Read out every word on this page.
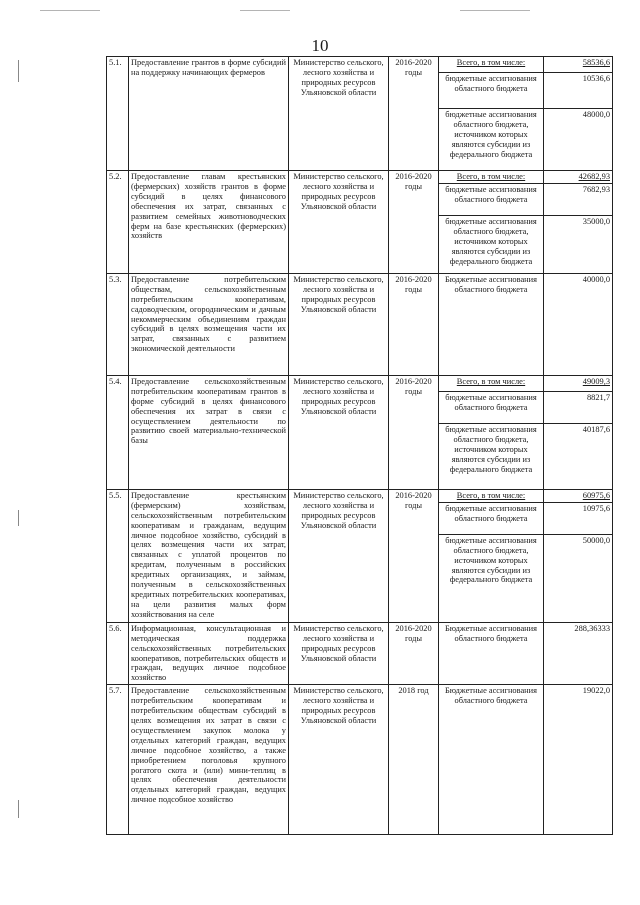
10
5.1.	Предоставление грантов в форме субсидий на поддержку начинающих фермеров	Министерство сельского, лесного хозяйства и природных ресурсов Ульяновской области	2016-2020 годы	Всего, в том числе:	58536,6
				бюджетные ассигнования областного бюджета	10536,6
				бюджетные ассигнования областного бюджета, источником которых являются субсидии из федерального бюджета	48000,0
5.2.	Предоставление главам крестьянских (фермерских) хозяйств грантов в форме субсидий в целях финансового обеспечения их затрат, связанных с развитием семейных животноводческих ферм на базе крестьянских (фермерских) хозяйств	Министерство сельского, лесного хозяйства и природных ресурсов Ульяновской области	2016-2020 годы	Всего, в том числе:	42682,93
				бюджетные ассигнования областного бюджета	7682,93
				бюджетные ассигнования областного бюджета, источником которых являются субсидии из федерального бюджета	35000,0
5.3.	Предоставление потребительским обществам, сельскохозяйственным потребительским кооперативам, садоводческим, огородническим и дачным некоммерческим объединениям граждан субсидий в целях возмещения части их затрат, связанных с развитием экономической деятельности	Министерство сельского, лесного хозяйства и природных ресурсов Ульяновской области	2016-2020 годы	Бюджетные ассигнования областного бюджета	40000,0
5.4.	Предоставление сельскохозяйственным потребительским кооперативам грантов в форме субсидий в целях финансового обеспечения их затрат в связи с осуществлением деятельности по развитию своей материально-технической базы	Министерство сельского, лесного хозяйства и природных ресурсов Ульяновской области	2016-2020 годы	Всего, в том числе:	49009,3
				бюджетные ассигнования областного бюджета	8821,7
				бюджетные ассигнования областного бюджета, источником которых являются субсидии из федерального бюджета	40187,6
5.5.	Предоставление крестьянским (фермерским) хозяйствам, сельскохозяйственным потребительским кооперативам и гражданам, ведущим личное подсобное хозяйство, субсидий в целях возмещения части их затрат, связанных с уплатой процентов по кредитам, полученным в российских кредитных организациях, и займам, полученным в сельскохозяйственных кредитных потребительских кооперативах, на цели развития малых форм хозяйствования на селе	Министерство сельского, лесного хозяйства и природных ресурсов Ульяновской области	2016-2020 годы	Всего, в том числе:	60975,6
				бюджетные ассигнования областного бюджета	10975,6
				бюджетные ассигнования областного бюджета, источником которых являются субсидии из федерального бюджета	50000,0
5.6.	Информационная, консультационная и методическая поддержка сельскохозяйственных потребительских кооперативов, потребительских обществ и граждан, ведущих личное подсобное хозяйство	Министерство сельского, лесного хозяйства и природных ресурсов Ульяновской области	2016-2020 годы	Бюджетные ассигнования областного бюджета	288,36333
5.7.	Предоставление сельскохозяйственным потребительским кооперативам и потребительским обществам субсидий в целях возмещения их затрат в связи с осуществлением закупок молока у отдельных категорий граждан, ведущих личное подсобное хозяйство, а также приобретением поголовья крупного рогатого скота и (или) мини-теплиц в целях обеспечения деятельности отдельных категорий граждан, ведущих личное подсобное хозяйство	Министерство сельского, лесного хозяйства и природных ресурсов Ульяновской области	2018 год	Бюджетные ассигнования областного бюджета	19022,0
